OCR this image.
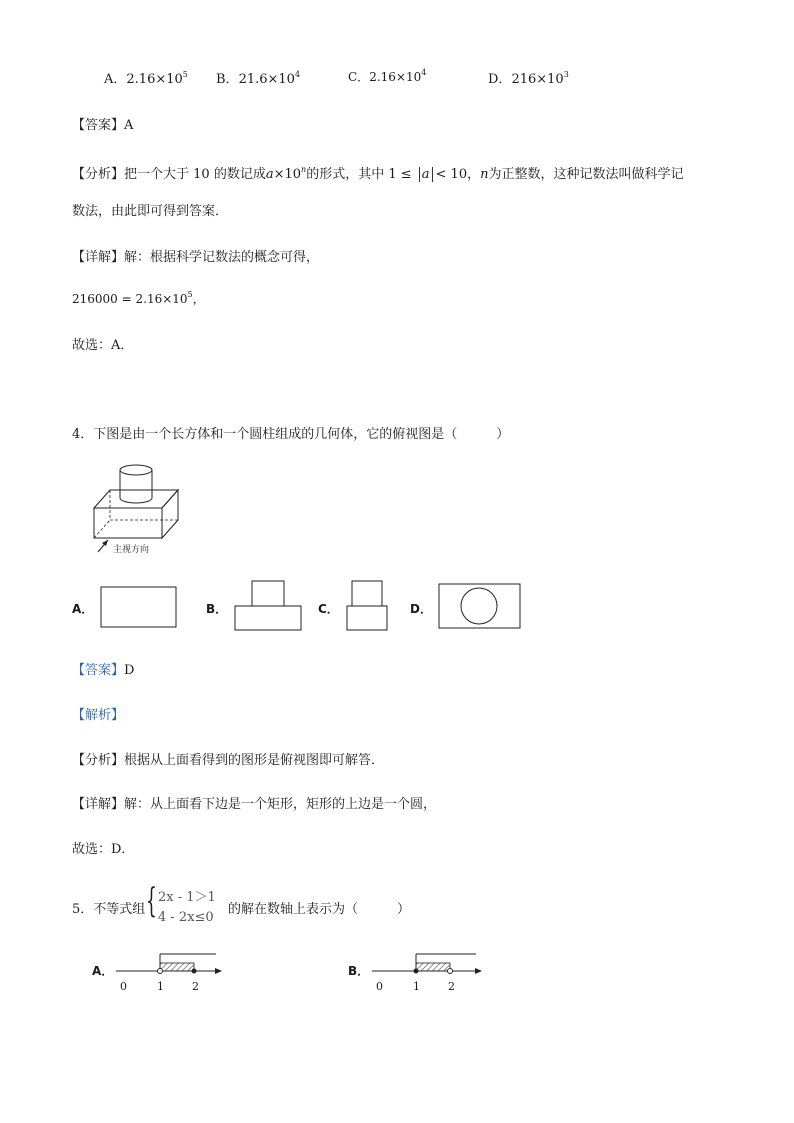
A．$2.16\times 10^5$ B．$21.6\times 10^4$	C．$2.16\times 10^4$	D．$216\times 10^3$
【答案】A
【分析】把一个大于 10 的数记成$a\times 10^n$的形式，其中 1 ≤ a < 10，n为正整数，这种记数法叫做科学记
数法，由此即可得到答案．
【详解】解：根据科学记数法的概念可得，
$216000 = 2.16\times 10^5$，
故选：A．
4．下图是由一个长方体和一个圆柱组成的几何体，它的俯视图是（　　　）
主视方向
A．	B．	C．	D．
【答案】D
【解析】
【分析】根据从上面看得到的图形是俯视图即可解答．
【详解】解：从上面看下边是一个矩形，矩形的上边是一个圆，
故选：D．
5．不等式组 { 2x - 1＞1
4 - 2x≤0
的解在数轴上表示为（　　　）
A．
0	1	2
B．
0	1	2
